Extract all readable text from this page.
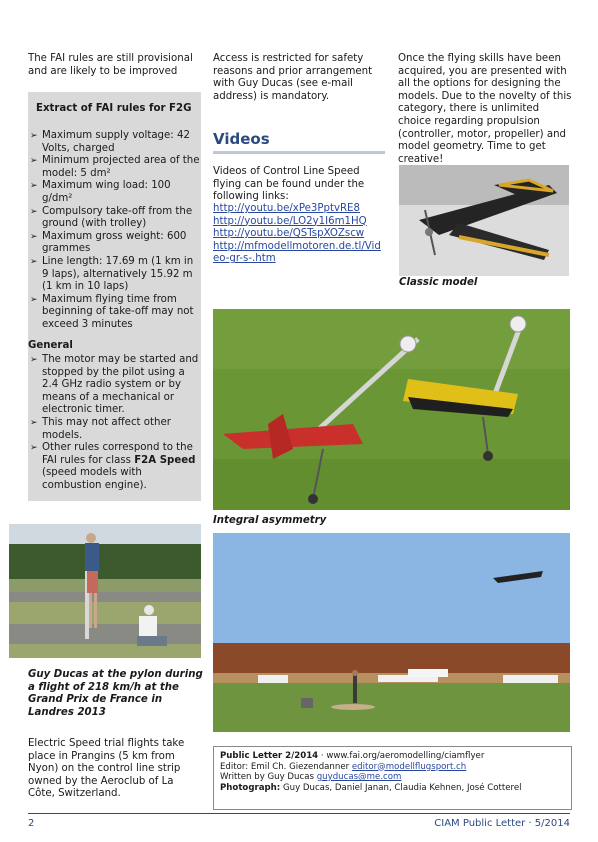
The FAI rules are still provisional and are likely to be improved
Extract of FAI rules for F2G
➢ Maximum supply voltage: 42 Volts, charged
➢ Minimum projected area of the model: 5 dm²
➢ Maximum wing load: 100 g/dm²
➢ Compulsory take-off from the ground (with trolley)
➢ Maximum gross weight: 600 grammes
➢ Line length: 17.69 m (1 km in 9 laps), alternatively 15.92 m (1 km in 10 laps)
➢ Maximum flying time from beginning of take-off may not exceed 3 minutes
General
➢ The motor may be started and stopped by the pilot using a 2.4 GHz radio system or by means of a mechanical or electronic timer.
➢ This may not affect other models.
➢ Other rules correspond to the FAI rules for class F2A Speed (speed models with combustion engine).
Guy Ducas at the pylon during a flight of 218 km/h at the Grand Prix de France in Landres 2013
Electric Speed trial flights take place in Prangins (5 km from Nyon) on the control line strip owned by the Aeroclub of La Côte, Switzerland.
Access is restricted for safety reasons and prior arrangement with Guy Ducas (see e-mail address) is mandatory.
Videos
Videos of Control Line Speed flying can be found under the following links:
http://youtu.be/xPe3PptvRE8
http://youtu.be/LO2y1I6m1HQ
http://youtu.be/QSTspXOZscw
http://mfmodellmotoren.de.tl/Vid
eo-gr-s-.htm
Once the flying skills have been acquired, you are presented with all the options for designing the models. Due to the novelty of this category, there is unlimited choice regarding propulsion (controller, motor, propeller) and model geometry. Time to get creative!
Classic model
Integral asymmetry
Public Letter 2/2014 · www.fai.org/aeromodelling/ciamflyer
Editor: Emil Ch. Giezendanner editor@modellflugsport.ch
Written by Guy Ducas guyducas@me.com
Photograph: Guy Ducas, Daniel Janan, Claudia Kehnen, José Cotterel
2	CIAM Public Letter · 5/2014
